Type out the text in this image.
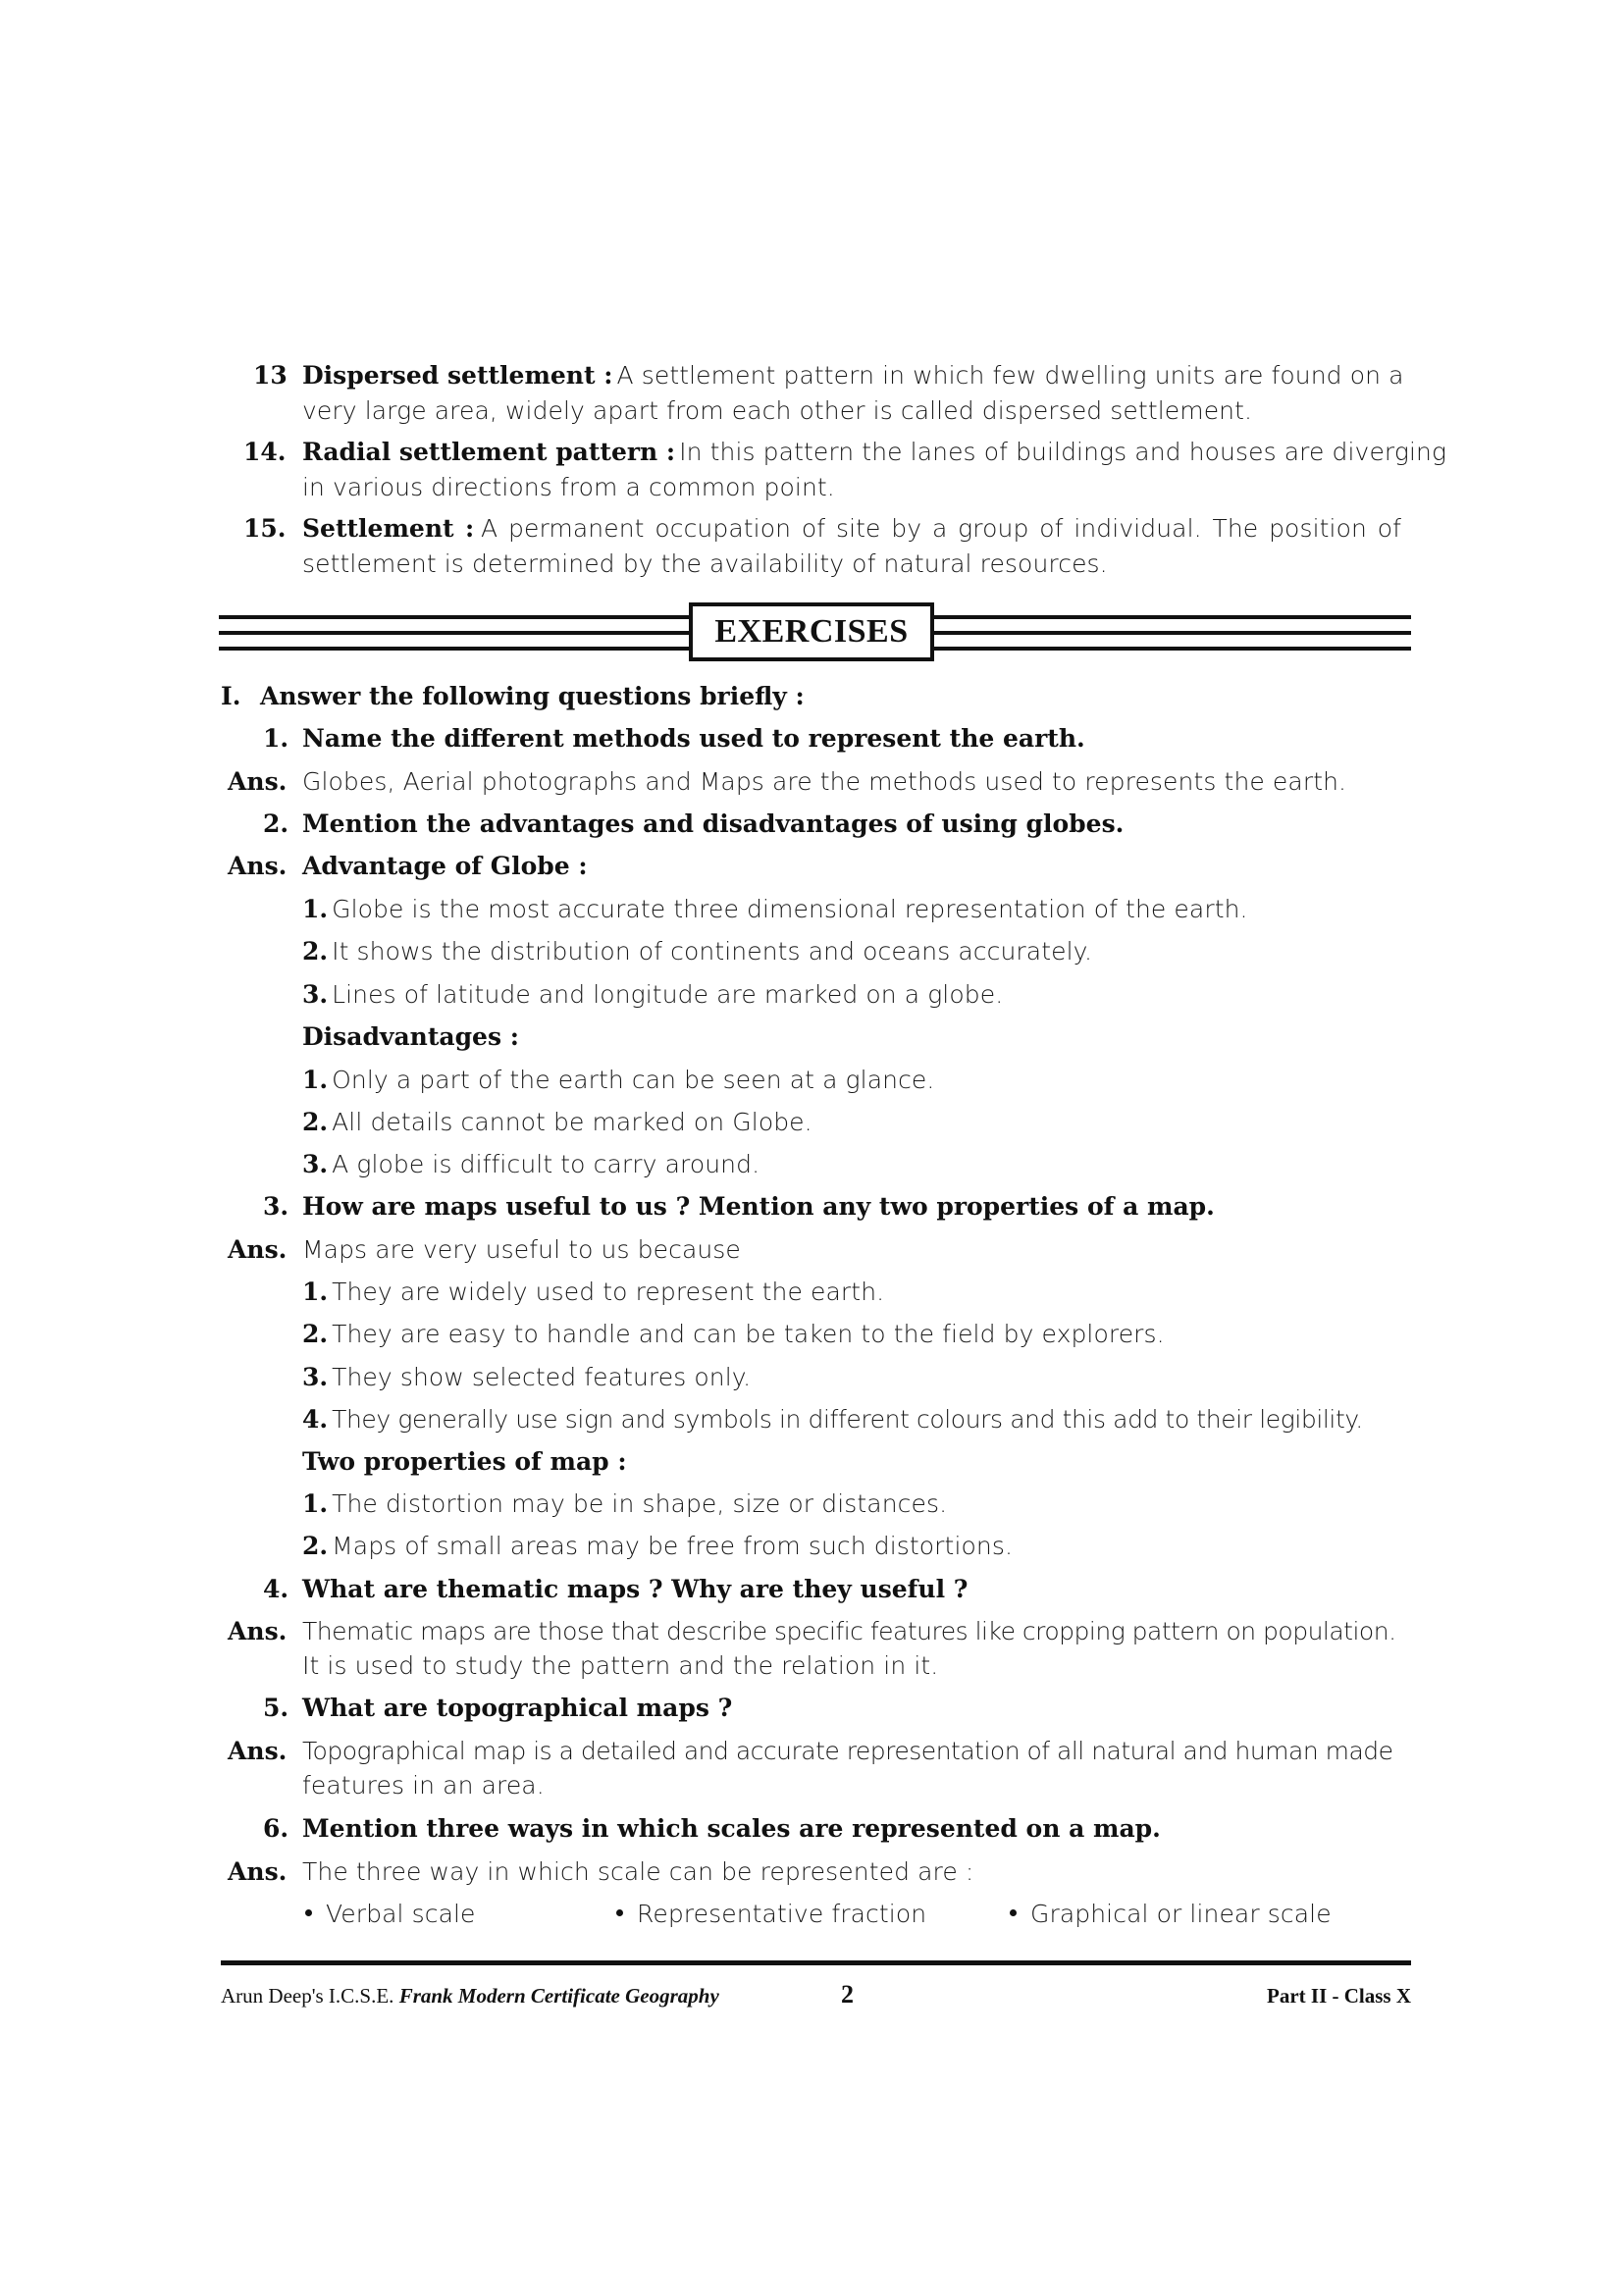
13 Dispersed settlement : A settlement pattern in which few dwelling units are found on a
very large area, widely apart from each other is called dispersed settlement.
14. Radial settlement pattern : In this pattern the lanes of buildings and houses are diverging
in various directions from a common point.
15. Settlement : A permanent occupation of site by a group of individual. The position of
settlement is determined by the availability of natural resources.
EXERCISES
I. Answer the following questions briefly :
1. Name the different methods used to represent the earth.
Ans. Globes, Aerial photographs and Maps are the methods used to represents the earth.
2. Mention the advantages and disadvantages of using globes.
Ans. Advantage of Globe :
1. Globe is the most accurate three dimensional representation of the earth.
2. It shows the distribution of continents and oceans accurately.
3. Lines of latitude and longitude are marked on a globe.
Disadvantages :
1. Only a part of the earth can be seen at a glance.
2. All details cannot be marked on Globe.
3. A globe is difficult to carry around.
3. How are maps useful to us ? Mention any two properties of a map.
Ans. Maps are very useful to us because
1. They are widely used to represent the earth.
2. They are easy to handle and can be taken to the field by explorers.
3. They show selected features only.
4. They generally use sign and symbols in different colours and this add to their legibility.
Two properties of map :
1. The distortion may be in shape, size or distances.
2. Maps of small areas may be free from such distortions.
4. What are thematic maps ? Why are they useful ?
Ans. Thematic maps are those that describe specific features like cropping pattern on population.
It is used to study the pattern and the relation in it.
5. What are topographical maps ?
Ans. Topographical map is a detailed and accurate representation of all natural and human made
features in an area.
6. Mention three ways in which scales are represented on a map.
Ans. The three way in which scale can be represented are :
Verbal scale	Representative fraction	Graphical or linear scale
Arun Deep's I.C.S.E. Frank Modern Certificate Geography	2	Part II - Class X
